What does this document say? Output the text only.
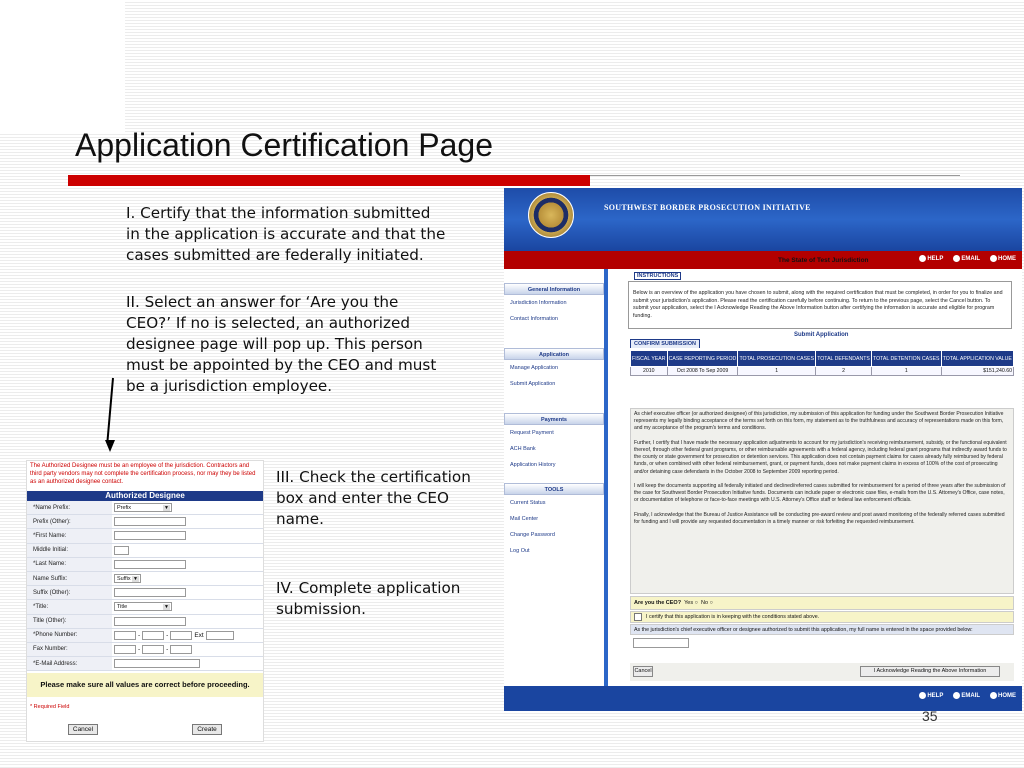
Application Certification Page
I. Certify that the information submitted
in the application is accurate and that the
cases submitted are federally initiated.
II. Select an answer for ‘Are you the
CEO?’ If no is selected, an authorized
designee page will pop up. This person
must be appointed by the CEO and must
be a jurisdiction employee.
III. Check the certification
box and enter the CEO
name.
IV. Complete application
submission.
The Authorized Designee must be an employee of the jurisdiction. Contractors and third party vendors may not complete the certification process, nor may they be listed as an authorized designee contact.
Authorized Designee
*Name Prefix:	Prefix ▼
Prefix (Other):
*First Name:
Middle Initial:
*Last Name:
Name Suffix:	Suffix ▼
Suffix (Other):
*Title:	Title ▼
Title (Other):
*Phone Number:	-	-	Ext
Fax Number:	-	-
*E-Mail Address:
Please make sure all values are correct before proceeding.
* Required Field
Cancel	Create
SOUTHWEST BORDER PROSECUTION INITIATIVE
HELP	EMAIL	HOME
General Information
Jurisdiction Information
Contact Information
Application
Manage Application
Submit Application
Payments
Request Payment
ACH Bank
Application History
TOOLS
Current Status
Mail Center
Change Password
Log Out
The State of Test Jurisdiction
Below is an overview of the application you have chosen to submit, along with the required certification that must be completed, in order for you to finalize and submit your jurisdiction's application. Please read the certification carefully before continuing. To return to the previous page, select the Cancel button. To submit your application, select the I Acknowledge Reading the Above Information button after certifying the information is accurate and eligible for program funding.
INSTRUCTIONS
Submit Application
CONFIRM SUBMISSION
FISCAL YEAR	CASE REPORTING PERIOD	TOTAL PROSECUTION CASES	TOTAL DEFENDANTS	TOTAL DETENTION CASES	TOTAL APPLICATION VALUE
2010	Oct 2008 To Sep 2009	1	2	1	$151,240.60
As chief executive officer (or authorized designee) of this jurisdiction, my submission of this application for funding under the Southwest Border Prosecution Initiative represents my legally binding acceptance of the terms set forth on this form, my statement as to the truthfulness and accuracy of representations made on this form, and my acceptance of the program's terms and conditions.

Further, I certify that I have made the necessary application adjustments to account for my jurisdiction's receiving reimbursement, subsidy, or the functional equivalent thereof, through other federal grant programs, or other reimbursable agreements with a federal agency, including federal grant programs that indirectly award funds to the county or state government for prosecution or detention services. This application does not contain payment claims for cases already fully reimbursed by federal funds, or when combined with other federal reimbursement, grant, or payment funds, does not make payment claims in excess of 100% of the cost of prosecuting and/or detaining case defendants in the October 2008 to September 2009 reporting period.

I will keep the documents supporting all federally initiated and declined/referred cases submitted for reimbursement for a period of three years after the submission of the case for Southwest Border Prosecution Initiative funds. Documents can include paper or electronic case files, e-mails from the U.S. Attorney's Office, case notes, or documentation of telephone or face-to-face meetings with U.S. Attorney's Office staff or federal law enforcement officials.

Finally, I acknowledge that the Bureau of Justice Assistance will be conducting pre-award review and post award monitoring of the federally referred cases submitted for funding and I will provide any requested documentation in a timely manner or risk forfeiting the requested reimbursement.
Are you the CEO? Yes ○ No ○
I certify that this application is in keeping with the conditions stated above.
As the jurisdiction's chief executive officer or designee authorized to submit this application, my full name is entered in the space provided below:
Cancel	I Acknowledge Reading the Above Information
HELP	EMAIL	HOME
35
